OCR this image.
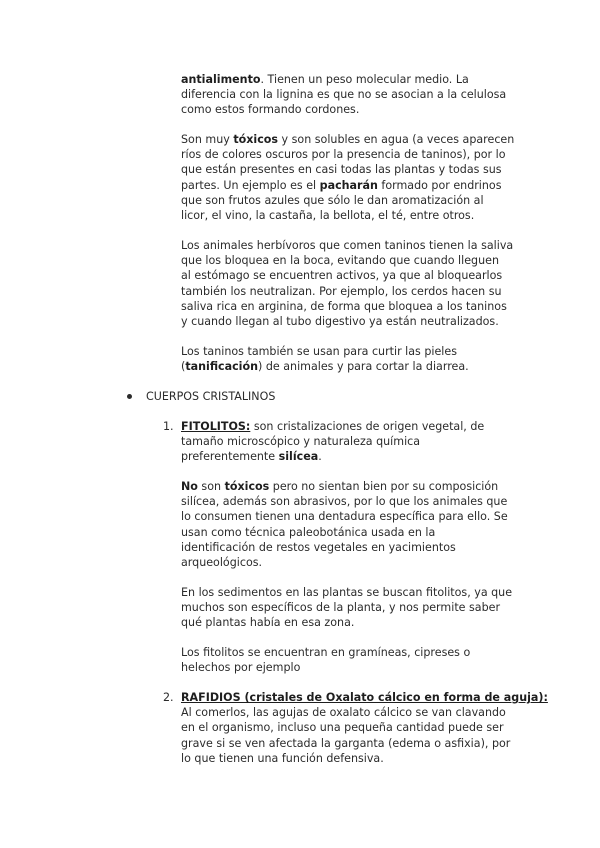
antialimento. Tienen un peso molecular medio. La
diferencia con la lignina es que no se asocian a la celulosa
como estos formando cordones.

Son muy tóxicos y son solubles en agua (a veces aparecen
ríos de colores oscuros por la presencia de taninos), por lo
que están presentes en casi todas las plantas y todas sus
partes. Un ejemplo es el pacharán formado por endrinos
que son frutos azules que sólo le dan aromatización al
licor, el vino, la castaña, la bellota, el té, entre otros.

Los animales herbívoros que comen taninos tienen la saliva
que los bloquea en la boca, evitando que cuando lleguen
al estómago se encuentren activos, ya que al bloquearlos
también los neutralizan. Por ejemplo, los cerdos hacen su
saliva rica en arginina, de forma que bloquea a los taninos
y cuando llegan al tubo digestivo ya están neutralizados.

Los taninos también se usan para curtir las pieles
(tanificación) de animales y para cortar la diarrea.

CUERPOS CRISTALINOS
1. FITOLITOS: son cristalizaciones de origen vegetal, de
tamaño microscópico y naturaleza química
preferentemente silícea.

No son tóxicos pero no sientan bien por su composición
silícea, además son abrasivos, por lo que los animales que
lo consumen tienen una dentadura específica para ello. Se
usan como técnica paleobotánica usada en la
identificación de restos vegetales en yacimientos
arqueológicos.

En los sedimentos en las plantas se buscan fitolitos, ya que
muchos son específicos de la planta, y nos permite saber
qué plantas había en esa zona.

Los fitolitos se encuentran en gramíneas, cipreses o
helechos por ejemplo

2. RAFIDIOS (cristales de Oxalato cálcico en forma de aguja):
Al comerlos, las agujas de oxalato cálcico se van clavando
en el organismo, incluso una pequeña cantidad puede ser
grave si se ven afectada la garganta (edema o asfixia), por
lo que tienen una función defensiva.
